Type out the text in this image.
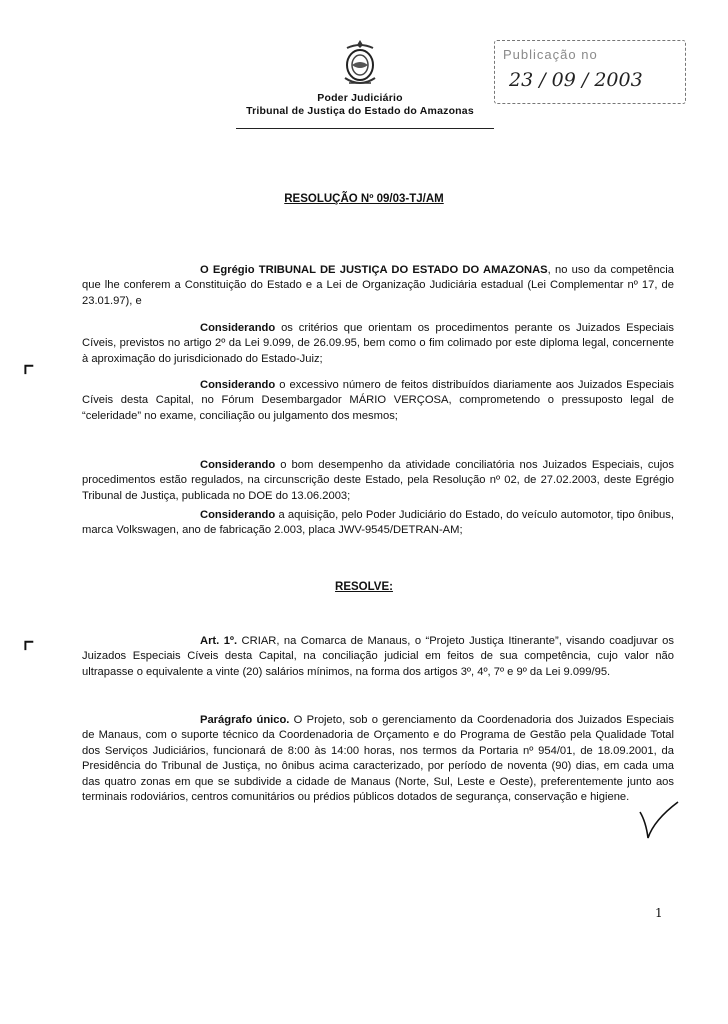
Poder Judiciário
Tribunal de Justiça do Estado do Amazonas
Publicação no
23 / 09 / 2003
RESOLUÇÃO Nº 09/03-TJ/AM

O Egrégio TRIBUNAL DE JUSTIÇA DO ESTADO DO AMAZONAS, no uso da competência que lhe conferem a Constituição do Estado e a Lei de Organização Judiciária estadual (Lei Complementar nº 17, de 23.01.97), e

Considerando os critérios que orientam os procedimentos perante os Juizados Especiais Cíveis, previstos no artigo 2º da Lei 9.099, de 26.09.95, bem como o fim colimado por este diploma legal, concernente à aproximação do jurisdicionado do Estado-Juiz;

Considerando o excessivo número de feitos distribuídos diariamente aos Juizados Especiais Cíveis desta Capital, no Fórum Desembargador MÁRIO VERÇOSA, comprometendo o pressuposto legal de “celeridade” no exame, conciliação ou julgamento dos mesmos;

Considerando o bom desempenho da atividade conciliatória nos Juizados Especiais, cujos procedimentos estão regulados, na circunscrição deste Estado, pela Resolução nº 02, de 27.02.2003, deste Egrégio Tribunal de Justiça, publicada no DOE do 13.06.2003;

Considerando a aquisição, pelo Poder Judiciário do Estado, do veículo automotor, tipo ônibus, marca Volkswagen, ano de fabricação 2.003, placa JWV-9545/DETRAN-AM;

RESOLVE:

Art. 1º. CRIAR, na Comarca de Manaus, o “Projeto Justiça Itinerante”, visando coadjuvar os Juizados Especiais Cíveis desta Capital, na conciliação judicial em feitos de sua competência, cujo valor não ultrapasse o equivalente a vinte (20) salários mínimos, na forma dos artigos 3º, 4º, 7º e 9º da Lei 9.099/95.

Parágrafo único. O Projeto, sob o gerenciamento da Coordenadoria dos Juizados Especiais de Manaus, com o suporte técnico da Coordenadoria de Orçamento e do Programa de Gestão pela Qualidade Total dos Serviços Judiciários, funcionará de 8:00 às 14:00 horas, nos termos da Portaria nº 954/01, de 18.09.2001, da Presidência do Tribunal de Justiça, no ônibus acima caracterizado, por período de noventa (90) dias, em cada uma das quatro zonas em que se subdivide a cidade de Manaus (Norte, Sul, Leste e Oeste), preferentemente junto aos terminais rodoviários, centros comunitários ou prédios públicos dotados de segurança, conservação e higiene.

⌜
⌜
1
